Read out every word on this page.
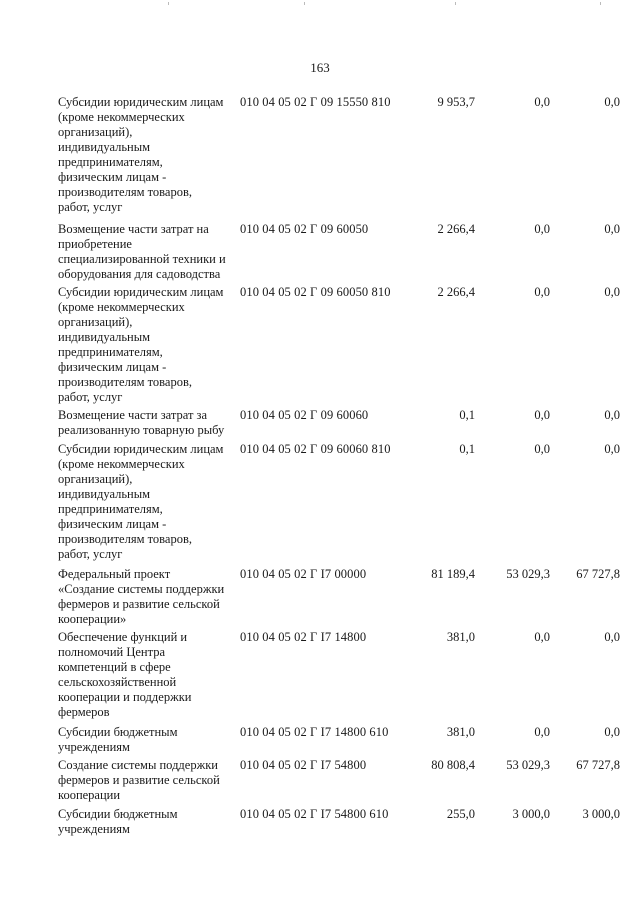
163
Субсидии юридическим лицам
(кроме некоммерческих
организаций),
индивидуальным
предпринимателям,
физическим лицам -
производителям товаров,
работ, услуг
010 04 05 02 Г 09 15550 810	9 953,7	0,0	0,0
Возмещение части затрат на
приобретение
специализированной техники и
оборудования для садоводства
010 04 05 02 Г 09 60050	2 266,4	0,0	0,0
Субсидии юридическим лицам
(кроме некоммерческих
организаций),
индивидуальным
предпринимателям,
физическим лицам -
производителям товаров,
работ, услуг
010 04 05 02 Г 09 60050 810	2 266,4	0,0	0,0
Возмещение части затрат за
реализованную товарную рыбу
010 04 05 02 Г 09 60060	0,1	0,0	0,0
Субсидии юридическим лицам
(кроме некоммерческих
организаций),
индивидуальным
предпринимателям,
физическим лицам -
производителям товаров,
работ, услуг
010 04 05 02 Г 09 60060 810	0,1	0,0	0,0
Федеральный проект
«Создание системы поддержки
фермеров и развитие сельской
кооперации»
010 04 05 02 Г I7 00000	81 189,4	53 029,3	67 727,8
Обеспечение функций и
полномочий Центра
компетенций в сфере
сельскохозяйственной
кооперации и поддержки
фермеров
010 04 05 02 Г I7 14800	381,0	0,0	0,0
Субсидии бюджетным
учреждениям
010 04 05 02 Г I7 14800 610	381,0	0,0	0,0
Создание системы поддержки
фермеров и развитие сельской
кооперации
010 04 05 02 Г I7 54800	80 808,4	53 029,3	67 727,8
Субсидии бюджетным
учреждениям
010 04 05 02 Г I7 54800 610	255,0	3 000,0	3 000,0
